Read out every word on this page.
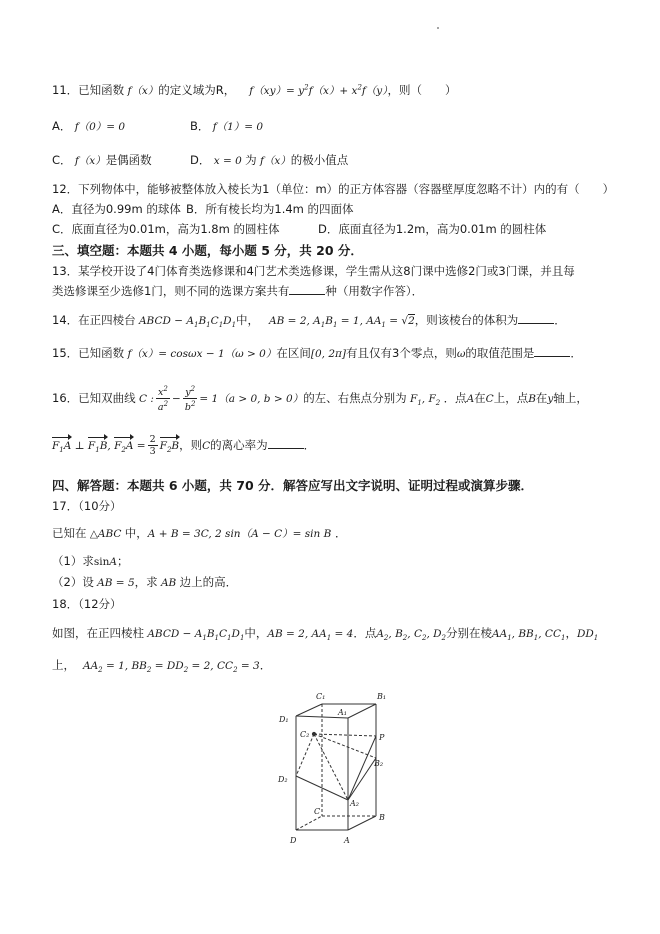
11．已知函数 f（x）的定义域为R， $f(xy)= y^2f(x)+ x^2f(y)$，则（　　）
A． f（0）= 0	B． f（1）= 0
C． f（x）是偶函数	D． x = 0 为 f（x）的极小值点
12．下列物体中，能够被整体放入棱长为1（单位：m）的正方体容器（容器壁厚度忽略不计）内的有（　　）
A．直径为0.99m 的球体 B．所有棱长均为1.4m 的四面体
C．底面直径为0.01m，高为1.8m 的圆柱体	D．底面直径为1.2m，高为0.01m 的圆柱体
三、填空题：本题共 4 小题，每小题 5 分，共 20 分．
13．某学校开设了4门体育类选修课和4门艺术类选修课，学生需从这8门课中选修2门或3门课，并且每
类选修课至少选修1门，则不同的选课方案共有	种（用数字作答）．
14．在正四棱台 ABCD − $A_1B_1C_1D_1$中， AB = 2, $A_1B_1 = 1$, $AA_1 = √2$，则该棱台的体积为	．
15．已知函数 f（x）= cosωx − 1（ω > 0）在区间[0, 2π]有且仅有3个零点，则ω的取值范围是	．
16．已知双曲线 C : $\frac{x^2}{a^2} - \frac{y^2}{b^2} = 1(a > 0$, b > 0）的左、右焦点分别为 $F_1$, $F_2$ ．点A在C上，点B在y轴上，
$F_1A$ ⊥ $F_1B$, $F_2A = \frac{2}{3} F_2B$，则C的离心率为	．
四、解答题：本题共 6 小题，共 70 分．解答应写出文字说明、证明过程或演算步骤．
17．（10分）
已知在 △ABC 中，A + B = 3C, 2 sin（A − C）= sin B ．
（1）求sinA；
（2）设 AB = 5，求 AB 边上的高．
18．（12分）
如图，在正四棱柱 ABCD − $A_1B_1C_1D_1$中，AB = 2, $AA_1 = 4$．点$A_2$, $B_2$, $C_2$, $D_2$分别在棱$AA_1$, $BB_1$, $CC_1$，$DD_1$
上， $AA_2 = 1$, $BB_2 = DD_2 = 2$, $CC_2 = 3$．
C₁	B₁
D₁
A₁
C₂	P
B₂
D₂
A₂
C
B
D	A
